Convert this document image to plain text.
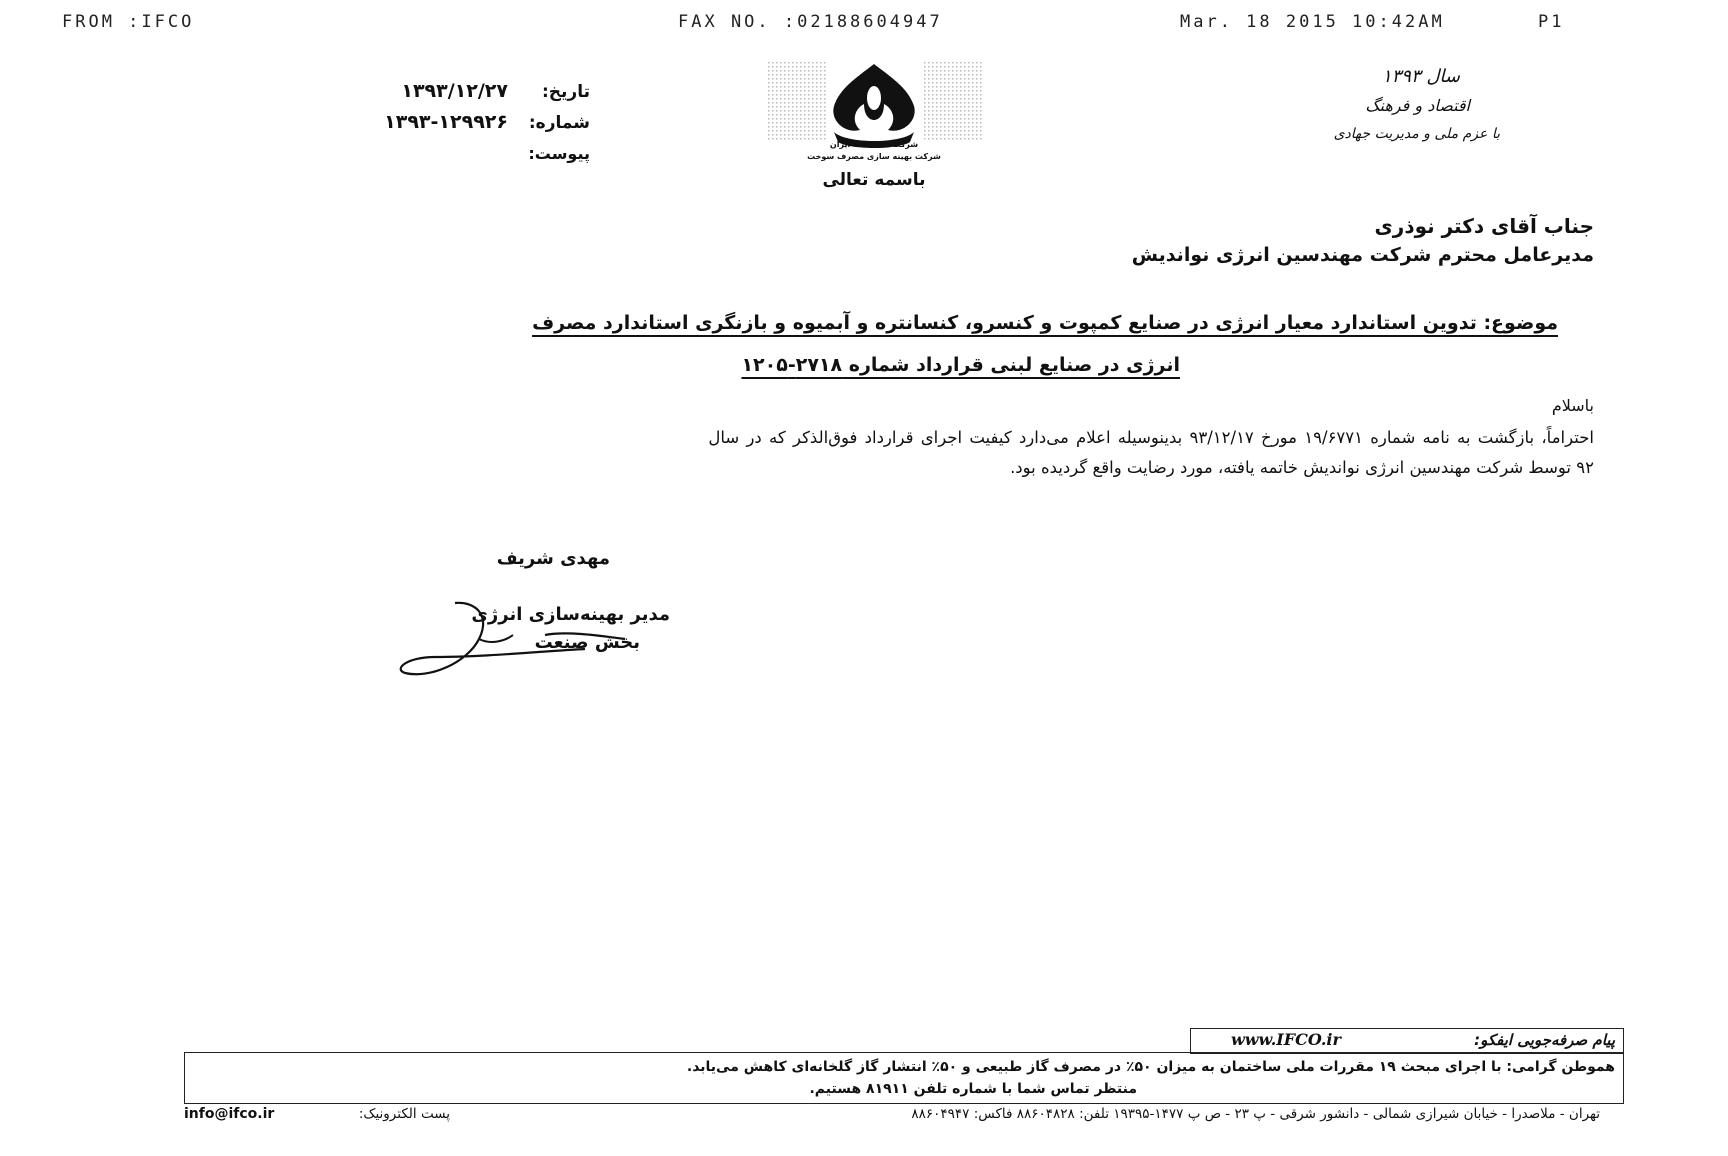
FROM :IFCO	FAX NO. :02188604947	Mar. 18 2015 10:42AM	P1
تاریخ:
۱۳۹۳/۱۲/۲۷
شماره:
۱۳۹۳-۱۲۹۹۲۶
پیوست:	شرکت ملی نفت ایران
شرکت بهینه سازی مصرف سوخت
باسمه تعالی
سال ۱۳۹۳
اقتصاد و فرهنگ
با عزم ملی و مدیریت جهادی
جناب آقای دکتر نوذری
مدیرعامل محترم شرکت مهندسین انرژی نواندیش
موضوع: تدوین استاندارد معیار انرژی در صنایع کمپوت و کنسرو، کنسانتره و آبمیوه و بازنگری استاندارد مصرف
انرژی در صنایع لبنی قرارداد شماره ۲۷۱۸-۱۲۰۵
باسلام
احتراماً، بازگشت به نامه شماره ۱۹/۶۷۷۱ مورخ ۹۳/۱۲/۱۷ بدینوسیله اعلام می‌دارد کیفیت اجرای قرارداد فوق‌الذکر که در سال
۹۲ توسط شرکت مهندسین انرژی نواندیش خاتمه یافته، مورد رضایت واقع گردیده بود.
مهدی شریف
مدیر بهینه‌سازی انرژی
بخش صنعت
پیام صرفه‌جویی ایفکو:
www.IFCO.ir
هموطن گرامی: با اجرای مبحث ۱۹ مقررات ملی ساختمان به میزان ۵۰٪ در مصرف گاز طبیعی و ۵۰٪ انتشار گاز گلخانه‌ای کاهش می‌یابد.
منتظر تماس شما با شماره تلفن ۸۱۹۱۱ هستیم.
تهران - ملاصدرا - خیابان شیرازی شمالی - دانشور شرقی - پ ۲۳ - ص پ ۱۴۷۷-۱۹۳۹۵ تلفن: ۸۸۶۰۴۸۲۸ فاکس: ۸۸۶۰۴۹۴۷
پست الکترونیک:
info@ifco.ir
